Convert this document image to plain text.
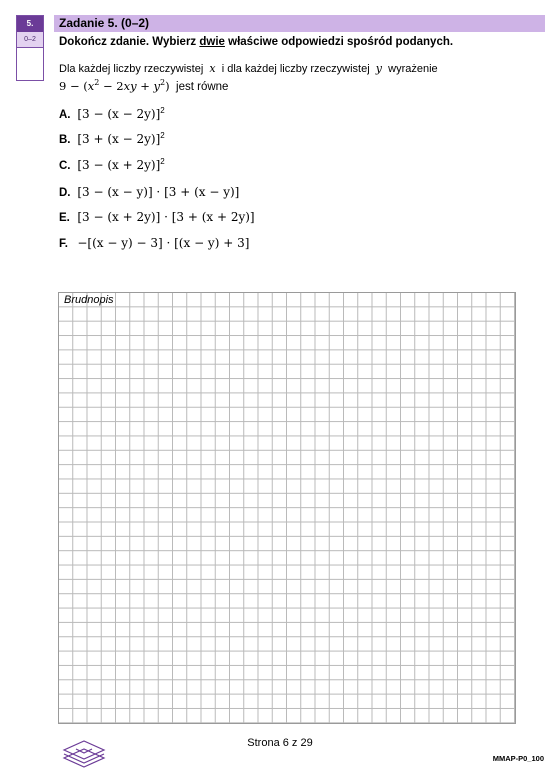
5.
0–2
Zadanie 5. (0–2)
Dokończ zdanie. Wybierz dwie właściwe odpowiedzi spośród podanych.
Dla każdej liczby rzeczywistej x i dla każdej liczby rzeczywistej y wyrażenie
$9 - (x^2 - 2xy + y^2)$ jest równe
A. $[3 - (x - 2y)]^2$
B. $[3 + (x - 2y)]^2$
C. $[3 - (x + 2y)]^2$
D. [3 − (x − y)] · [3 + (x − y)]
E. [3 − (x + 2y)] · [3 + (x + 2y)]
F. −[(x − y) − 3] · [(x − y) + 3]
Brudnopis
Strona 6 z 29
MMAP-P0_100
